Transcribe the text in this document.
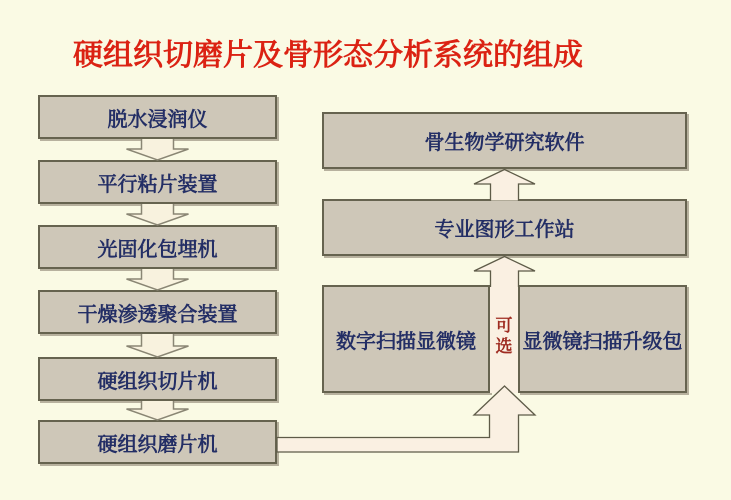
硬组织切磨片及骨形态分析系统的组成
脱水浸润仪
平行粘片装置
光固化包埋机
干燥渗透聚合装置
硬组织切片机
硬组织磨片机
骨生物学研究软件
专业图形工作站
数字扫描显微镜
可选 显微镜扫描升级包
